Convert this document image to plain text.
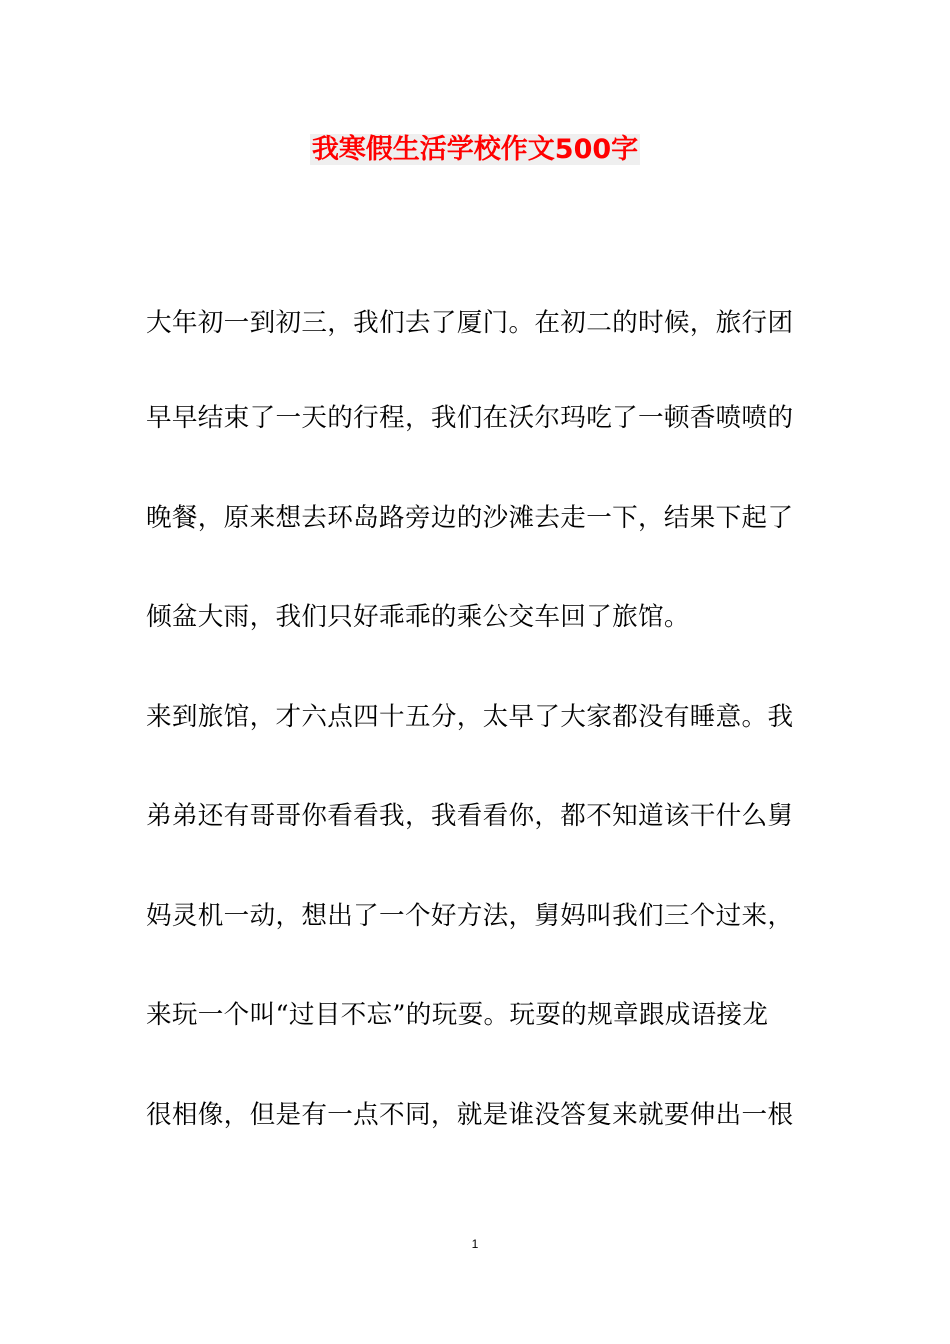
我寒假生活学校作文500字
大年初一到初三，我们去了厦门。在初二的时候，旅行团
早早结束了一天的行程，我们在沃尔玛吃了一顿香喷喷的
晚餐，原来想去环岛路旁边的沙滩去走一下，结果下起了
倾盆大雨，我们只好乖乖的乘公交车回了旅馆。
来到旅馆，才六点四十五分，太早了大家都没有睡意。我
弟弟还有哥哥你看看我，我看看你，都不知道该干什么舅
妈灵机一动，想出了一个好方法，舅妈叫我们三个过来，
来玩一个叫“过目不忘”的玩耍。玩耍的规章跟成语接龙
很相像，但是有一点不同，就是谁没答复来就要伸出一根
1
